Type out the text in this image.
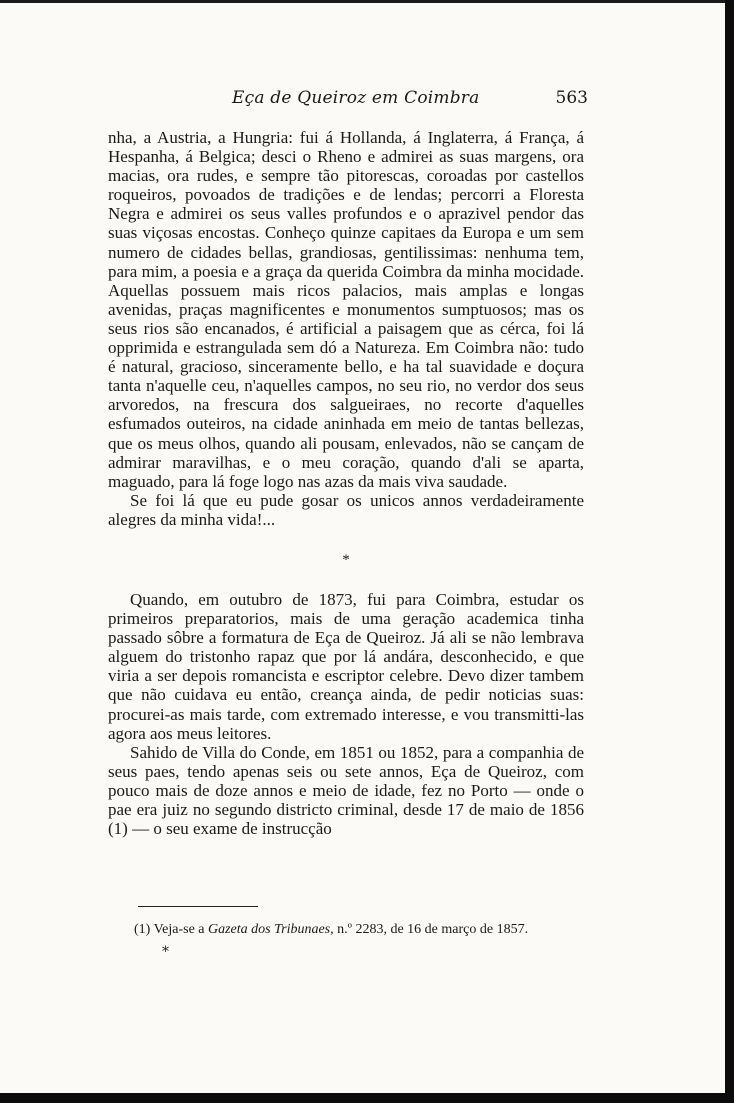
Eça de Queiroz em Coimbra	563

nha, a Austria, a Hungria: fui á Hollanda, á Inglaterra, á França, á Hespanha, á Belgica; desci o Rheno e admirei as suas margens, ora macias, ora rudes, e sempre tão pitorescas, coroadas por castellos roqueiros, povoados de tradições e de lendas; percorri a Floresta Negra e admirei os seus valles profundos e o aprazivel pendor das suas viçosas encostas. Conheço quinze capitaes da Europa e um sem numero de cidades bellas, grandiosas, gentilissimas: nenhuma tem, para mim, a poesia e a graça da querida Coimbra da minha mocidade. Aquellas possuem mais ricos palacios, mais amplas e longas avenidas, praças magnificentes e monumentos sumptuosos; mas os seus rios são encanados, é artificial a paisagem que as cérca, foi lá opprimida e estrangulada sem dó a Natureza. Em Coimbra não: tudo é natural, gracioso, sinceramente bello, e ha tal suavidade e doçura tanta n'aquelle ceu, n'aquelles campos, no seu rio, no verdor dos seus arvoredos, na frescura dos salgueiraes, no recorte d'aquelles esfumados outeiros, na cidade aninhada em meio de tantas bellezas, que os meus olhos, quando ali pousam, enlevados, não se cançam de admirar maravilhas, e o meu coração, quando d'ali se aparta, maguado, para lá foge logo nas azas da mais viva saudade.

Se foi lá que eu pude gosar os unicos annos verdadeiramente alegres da minha vida!...

*

Quando, em outubro de 1873, fui para Coimbra, estudar os primeiros preparatorios, mais de uma geração academica tinha passado sôbre a formatura de Eça de Queiroz. Já ali se não lembrava alguem do tristonho rapaz que por lá andára, desconhecido, e que viria a ser depois romancista e escriptor celebre. Devo dizer tambem que não cuidava eu então, creança ainda, de pedir noticias suas: procurei-as mais tarde, com extremado interesse, e vou transmitti-las agora aos meus leitores.

Sahido de Villa do Conde, em 1851 ou 1852, para a companhia de seus paes, tendo apenas seis ou sete annos, Eça de Queiroz, com pouco mais de doze annos e meio de idade, fez no Porto — onde o pae era juiz no segundo districto criminal, desde 17 de maio de 1856 (1) — o seu exame de instrucção

(1) Veja-se a Gazeta dos Tribunaes, n.º 2283, de 16 de março de 1857.
*
